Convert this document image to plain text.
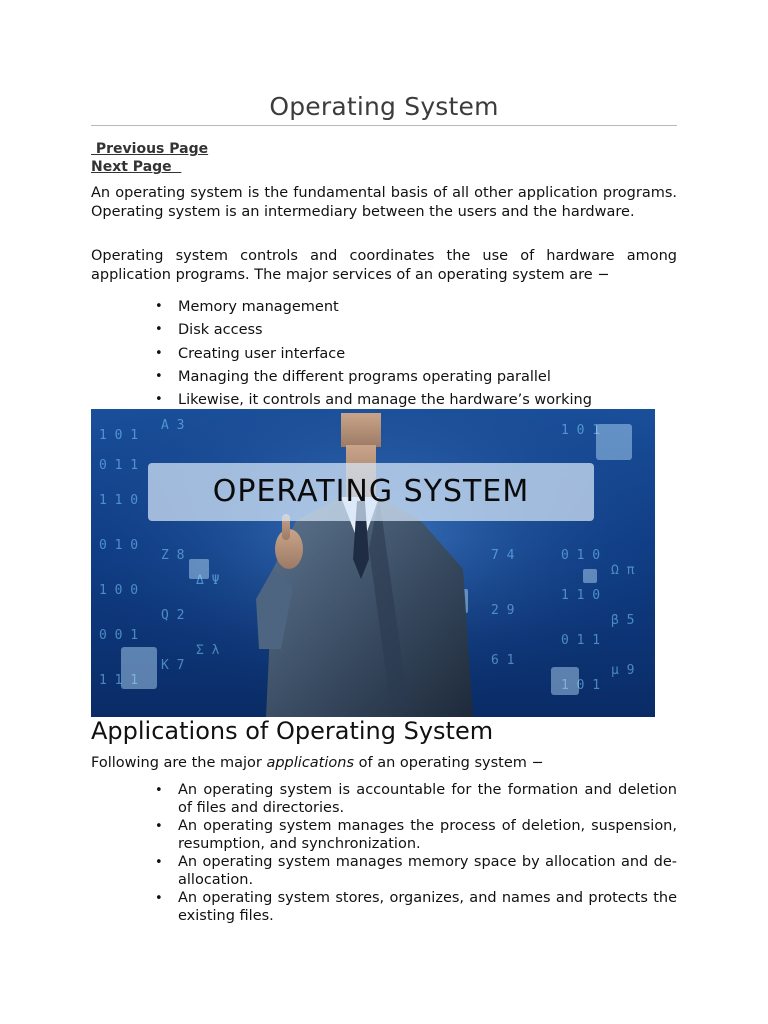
Operating System
Previous Page
Next Page

An operating system is the fundamental basis of all other application programs. Operating system is an intermediary between the users and the hardware.

Operating system controls and coordinates the use of hardware among application programs. The major services of an operating system are −

• Memory management
• Disk access
• Creating user interface
• Managing the different programs operating parallel
• Likewise, it controls and manage the hardware’s working
1 0 1
0 1 1
1 1 0
0 1 0
1 0 0
0 0 1
1 1 1
A 3
Z 8
Q 2
K 7
Δ Ψ
Σ λ
1 0 1
0 1 0
1 1 0
0 1 1
1 0 1
Ω π
β 5
μ 9
7 4
2 9
6 1
OPERATING SYSTEM
Applications of Operating System

Following are the major applications of an operating system −

• An operating system is accountable for the formation and deletion of files and directories.
• An operating system manages the process of deletion, suspension, resumption, and synchronization.
• An operating system manages memory space by allocation and de-allocation.
• An operating system stores, organizes, and names and protects the existing files.
